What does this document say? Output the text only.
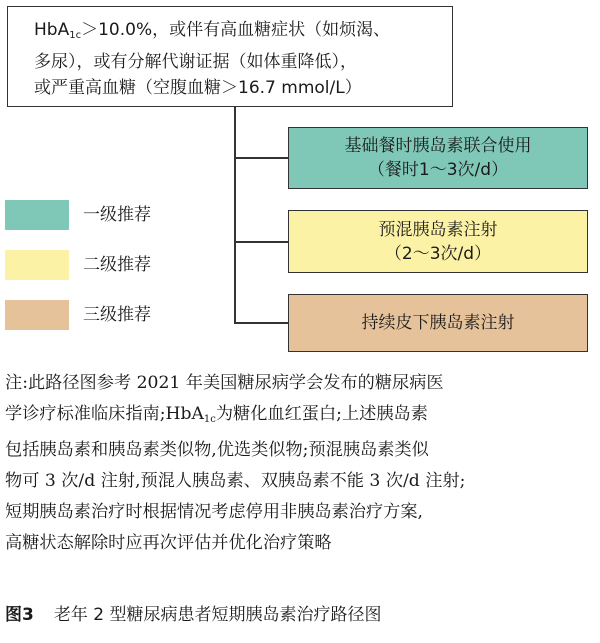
HbA$_{1c}$＞10.0%，或伴有高血糖症状（如烦渴、

多尿），或有分解代谢证据（如体重降低），

或严重高血糖（空腹血糖＞16.7 mmol/L）

基础餐时胰岛素联合使用
（餐时1～3次/d）
预混胰岛素注射
（2～3次/d）
持续皮下胰岛素注射
一级推荐
二级推荐
三级推荐

注:此路径图参考 2021 年美国糖尿病学会发布的糖尿病医

学诊疗标准临床指南;HbA$_{1c}$为糖化血红蛋白;上述胰岛素

包括胰岛素和胰岛素类似物,优选类似物;预混胰岛素类似

物可 3 次/d 注射,预混人胰岛素、双胰岛素不能 3 次/d 注射;

短期胰岛素治疗时根据情况考虑停用非胰岛素治疗方案,

高糖状态解除时应再次评估并优化治疗策略

图3 老年 2 型糖尿病患者短期胰岛素治疗路径图
